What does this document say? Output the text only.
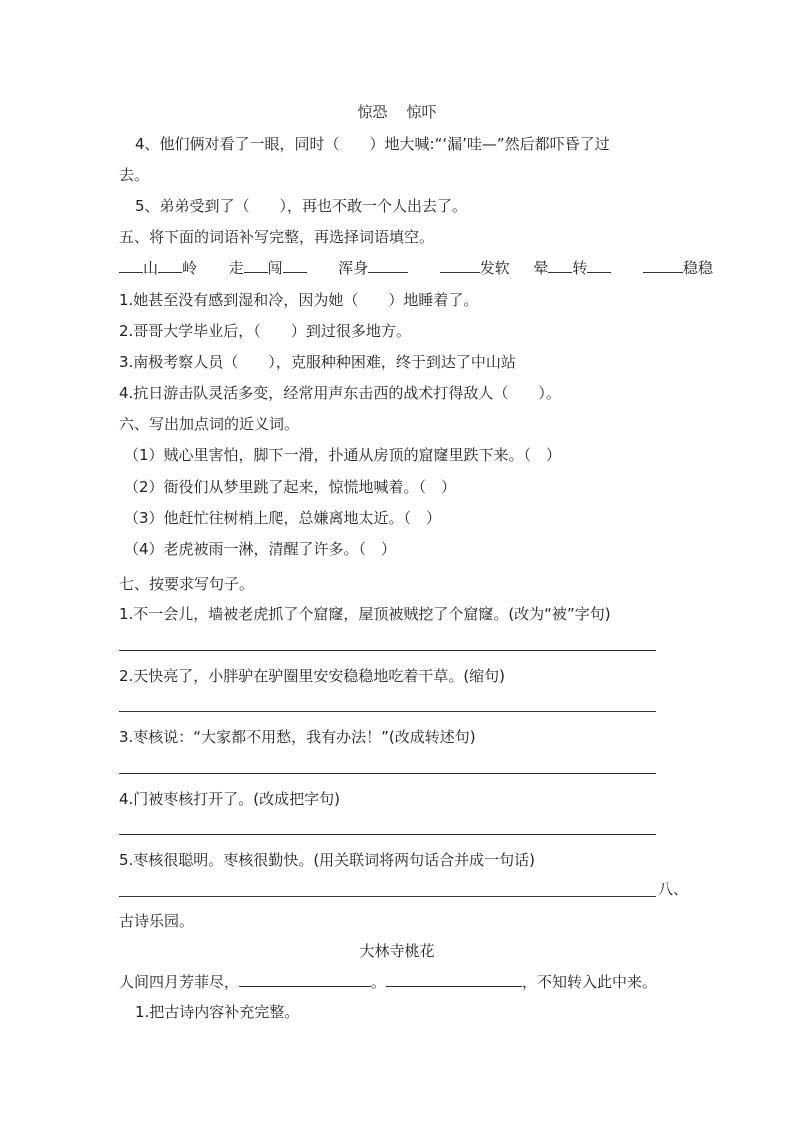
惊恐    惊吓
4、他们俩对看了一眼，同时（　　）地大喊:“‘漏’哇—”然后都吓昏了过
去。
5、弟弟受到了（　　），再也不敢一个人出去了。
五、将下面的词语补写完整，再选择词语填空。
山 岭 走 闯	浑身	发软 晕 转	稳稳
1.她甚至没有感到湿和冷，因为她（　　）地睡着了。
2.哥哥大学毕业后，（　　）到过很多地方。
3.南极考察人员（　　），克服种种困难，终于到达了中山站
4.抗日游击队灵活多变，经常用声东击西的战术打得敌人（　　）。
六、写出加点词的近义词。
（1）贼心里害怕，脚下一滑，扑通从房顶的窟窿里跌下来。（　）
（2）衙役们从梦里跳了起来，惊慌地喊着。（　）
（3）他赶忙往树梢上爬，总嫌离地太近。（　）
（4）老虎被雨一淋，清醒了许多。（　）
七、按要求写句子。
1.不一会儿，墙被老虎抓了个窟窿，屋顶被贼挖了个窟窿。(改为“被”字句)
2.天快亮了，小胖驴在驴圈里安安稳稳地吃着干草。(缩句)
3.枣核说：“大家都不用愁，我有办法！”(改成转述句)
4.门被枣核打开了。(改成把字句)
5.枣核很聪明。枣核很勤快。(用关联词将两句话合并成一句话)
八、
古诗乐园。
大林寺桃花
人间四月芳菲尽，	。	，不知转入此中来。
1.把古诗内容补充完整。
